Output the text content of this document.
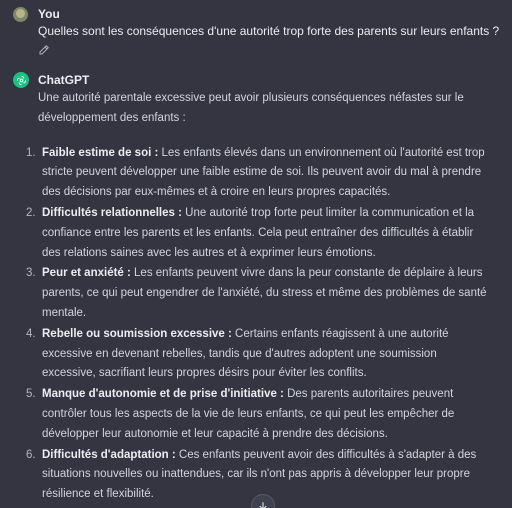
You
Quelles sont les conséquences d'une autorité trop forte des parents sur leurs enfants ?
ChatGPT

Une autorité parentale excessive peut avoir plusieurs conséquences néfastes sur le développement des enfants :

1. Faible estime de soi : Les enfants élevés dans un environnement où l'autorité est trop stricte peuvent développer une faible estime de soi. Ils peuvent avoir du mal à prendre des décisions par eux-mêmes et à croire en leurs propres capacités.
2. Difficultés relationnelles : Une autorité trop forte peut limiter la communication et la confiance entre les parents et les enfants. Cela peut entraîner des difficultés à établir des relations saines avec les autres et à exprimer leurs émotions.
3. Peur et anxiété : Les enfants peuvent vivre dans la peur constante de déplaire à leurs parents, ce qui peut engendrer de l'anxiété, du stress et même des problèmes de santé mentale.
4. Rebelle ou soumission excessive : Certains enfants réagissent à une autorité excessive en devenant rebelles, tandis que d'autres adoptent une soumission excessive, sacrifiant leurs propres désirs pour éviter les conflits.
5. Manque d'autonomie et de prise d'initiative : Des parents autoritaires peuvent contrôler tous les aspects de la vie de leurs enfants, ce qui peut les empêcher de développer leur autonomie et leur capacité à prendre des décisions.
6. Difficultés d'adaptation : Ces enfants peuvent avoir des difficultés à s'adapter à des situations nouvelles ou inattendues, car ils n'ont pas appris à développer leur propre résilience et flexibilité.
